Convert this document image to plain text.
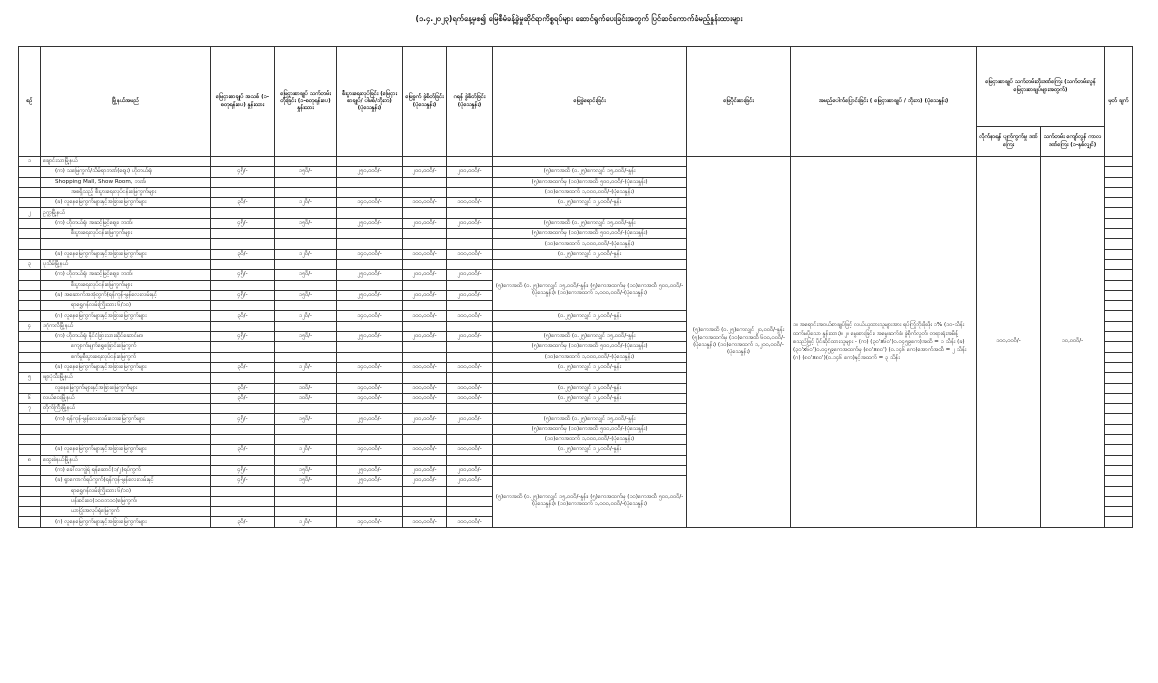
(၁.၄.၂၀၂၃)ရက်နေ့မှစ၍ မြေစီမံခန့်ခွဲမှုဆိုင်ရာကိစ္စရပ်များ ဆောင်ရွက်ပေးခြင်းအတွက် ပြင်ဆင်ကောက်ခံမည့်နှုန်းထားများ
စဉ်	မြို့နယ်အမည်	မြေငှားစာချုပ် အသစ် (၁-စတုရန်းပေ) နှုန်းထား	မြေငှားစာချုပ် သက်တမ်း တိုးခြင်း (၁-စတုရန်းပေ) နှုန်းထား	စီးပွားရေးလုပ်ခြင်း (မြေငှားစာချုပ်/ ပါမစ်/ဘိုးဘ) (ပုံသေနှုန်း)	မြေခွက် ခွဲစိတ်ခြင်း (ပုံသေနှုန်း)	ဂရန် ခွဲစိတ်ခြင်း (ပုံသေနှုန်း)	မြေခွဲရောင်းခြင်း	မြေပိုင်းစားခြင်း	အမည်ပေါက်ပြောင်းခြင်း ( မြေငှားစာချုပ် / ဘိုးဘ) (ပုံသေနှုန်း)	မြေငှားစာချုပ် သက်တမ်းတိုးဒဏ်ကြေး (သက်တမ်းလွန် မြေငှားစာချုပ်များအတွက်)		မှတ် ချက်
										လိုက်နာရန် ပျက်ကွက်မှု ဒဏ်ကြေး	သက်တမ်း ကျော်လွန် ကာလဒဏ်ကြေး (၁-နှစ်လျှင်)	
၁	ချောင်းသာမြို့နယ်							(၅)ကေအထိ (၀.၂၅)ကေလျှင် ၂၀,ဝဝဝိ/-နှုန်း (၅)ကေအထက်မှ (၁ဝ)ကေအထိ ၆ဝဝ,ဝဝဝိ/-(ပုံသေနှုန်း) (၁ဝ)ကေအထက် ၁,၂ဝဝ,ဝဝဝိ/-(ပုံသေနှုန်း)	၁။ အရောင်းအဝယ်စာချုပ်ဖြင့် လယ်ယူထားသူများအား ရပ်ကြုံဘိုးဖိုးဖိုး ၁% (၁၀-သိန်းထက်မပိုသော နှုန်းထား)။ ၂။ မွေးစားခြင်း၊ အမွေဆက်ခံ၊ ခွဲစိုက်လှုတ်၊ တရားရုံးအမိန့် စသည်ဖြင့် ပိုင်ဆိုင်ထားသူများ - (က) (၃၀'x၆၀')၀.၀၄၅၉ကေ)အထိ = ၁ သိန်း (ခ) (၃၀'x၆၀')၀.၀၄၅၉ကေအထက်မှ (၈၀'x၈၀') (၀.၁၄၆ ကေ)အောက်အထိ = ၂ သိန်း (ဂ) (၈၀'x၈၀')(၀.၁၄၆ ကေ)နှင့်အထက် = ၃ သိန်း	၁၀၀,၀၀၀ိ/-	၁၀,၀၀၀ိ/-	
	(က) သမြေကွက်/သိမ်ရာဘဏ်(ဈေး) ဟိုတယ်ရုံ၊	၄၅ိ/-	၁၅ဝိ/-	၂၅ဝ,ဝဝဝိ/-	၂ဝဝ,ဝဝဝိ/-	၂ဝဝ,ဝဝဝိ/-	(၅)ကေအထိ (၀.၂၅)ကေလျှင် ၁၅,ဝဝဝိ/-နှုန်း					
	Shopping Mall, Show Room, ဘဏ်၊						(၅)ကေအထက်မှ (၁ဝ)ကေအထိ ၅ဝဝ,ဝဝဝိ/-(ပုံသေနှုန်း)					
	အစရှိသည့် စီးပွားရေးလုပ်ငန်းမြေကွက်များ						(၁ဝ)ကေအထက် ၁,ဝဝဝ,ဝဝဝိ/-(ပုံသေနှုန်း)					
	(ခ) လူနေမြေကွက်များနှင့်အခြားမြေကွက်များ	၃ဝိ/-	၁၂ဝိ/-	၁၄ဝ,ဝဝဝိ/-	၁ဝဝ,ဝဝဝိ/-	၁ဝဝ,ဝဝဝိ/-	(၀.၂၅)ကေလျှင် ၁၂,ဝဝဝိ/-နှုန်း					
၂	ဥက္ကမြို့နယ်											
	(က) ဟိုတယ်ရုံ၊ အဆင့်မြင့်ဈေး၊ ဘဏ်၊	၄၅ိ/-	၁၅ဝိ/-	၂၅ဝ,ဝဝဝိ/-	၂ဝဝ,ဝဝဝိ/-	၂ဝဝ,ဝဝဝိ/-	(၅)ကေအထိ (၀.၂၅)ကေလျှင် ၁၅,ဝဝဝိ/-နှုန်း					
	စီးပွားရေးလုပ်ငန်းမြေကွက်များ						(၅)ကေအထက်မှ (၁ဝ)ကေအထိ ၅ဝဝ,ဝဝဝိ/-(ပုံသေနှုန်း)					
							(၁ဝ)ကေအထက် ၁,ဝဝဝ,ဝဝဝိ/-(ပုံသေနှုန်း)					
	(ခ) လူနေမြေကွက်များနှင့်အခြားမြေကွက်များ	၃ဝိ/-	၁၂ဝိ/-	၁၄ဝ,ဝဝဝိ/-	၁ဝဝ,ဝဝဝိ/-	၁ဝဝ,ဝဝဝိ/-	(၀.၂၅)ကေလျှင် ၁၂,ဝဝဝိ/-နှုန်း					
၃	ပုသိမ်မြို့နယ်											
	(က) ဟိုတယ်ရုံ၊ အဆင့်မြင့်ဈေး၊ ဘဏ်၊	၄၅ိ/-	၁၅ဝိ/-	၂၅ဝ,ဝဝဝိ/-	၂ဝဝ,ဝဝဝိ/-	၂ဝဝ,ဝဝဝိ/-	(၅)ကေအထိ (၀.၂၅)ကေလျှင် ၁၅,ဝဝဝိ/-နှုန်း၊ (၅)ကေအထက်မှ (၁ဝ)ကေအထိ ၅ဝဝ,ဝဝဝိ/-(ပုံသေနှုန်း)၊ (၁ဝ)ကေအထက် ၁,ဝဝဝ,ဝဝဝိ/-(ပုံသေနှုန်း)					
	စီးပွားရေးလုပ်ငန်းမြေကွက်များ											
	(ခ) အဆောက်အအုံတွက်(ရန်ကုန်-မွန်လေးလမ်းနှင့်	၄၅ိ/-	၁၅ဝိ/-	၂၅ဝ,ဝဝဝိ/-	၂ဝဝ,ဝဝဝိ/-	၂ဝဝ,ဝဝဝိ/-						
	ရာရွှေဂန်လမ်းကြိုးထား ၆/၁၀)											
	(ဂ) လူနေမြေကွက်များနှင့်အခြားမြေကွက်များ	၃ဝိ/-	၁၂ဝိ/-	၁၄ဝ,ဝဝဝိ/-	၁ဝဝ,ဝဝဝိ/-	၁ဝဝ,ဝဝဝိ/-	(၀.၂၅)ကေလျှင် ၁၂,ဝဝဝိ/-နှုန်း					
၄	ဒဂုံကလိမြို့နယ်											
	(က) ဟိုတယ်ရုံ၊ နိုင်ငံခြားသားဆိုင်ဆောင်မာ၊	၄၅ိ/-	၁၅ဝိ/-	၂၅ဝ,ဝဝဝိ/-	၂ဝဝ,ဝဝဝိ/-	၂ဝဝ,ဝဝဝိ/-	(၅)ကေအထိ (၀.၂၅)ကေလျှင် ၁၅,ဝဝဝိ/-နှုန်း					
	ကျောက်မျက်ရွှေခြောင်းမြေကွက်						(၅)ကေအထက်မှ (၁ဝ)ကေအထိ ၅ဝဝ,ဝဝဝိ/-(ပုံသေနှုန်း)					
	စက်မှုစီးပွားရေးလုပ်ငန်းမြေကွက်						(၁ဝ)ကေအထက် ၁,ဝဝဝ,ဝဝဝိ/-(ပုံသေနှုန်း)					
	(ခ) လူနေမြေကွက်များနှင့်အခြားမြေကွက်များ	၃ဝိ/-	၁၂ဝိ/-	၁၄ဝ,ဝဝဝိ/-	၁ဝဝ,ဝဝဝိ/-	၁ဝဝ,ဝဝဝိ/-	(၀.၂၅)ကေလျှင် ၁၂,ဝဝဝိ/-နှုန်း					
၅	ဖျာပုံသီးမြို့နယ်											
	လူနေမြေကွက်များနှင့်အခြားမြေကွက်များ	၃ဝိ/-	၁ဝဝိ/-	၁၄ဝ,ဝဝဝိ/-	၁ဝဝ,ဝဝဝိ/-	၁ဝဝ,ဝဝဝိ/-	(၀.၂၅)ကေလျှင် ၁၂,ဝဝဝိ/-နှုန်း					
၆	လယ်ဝေးမြို့နယ်	၃ဝိ/-	၁ဝဝိ/-	၁၄ဝ,ဝဝဝိ/-	၁ဝဝ,ဝဝဝိ/-	၁ဝဝ,ဝဝဝိ/-	(၀.၂၅)ကေလျှင် ၁၂,ဝဝဝိ/-နှုန်း					
၇	တိုက်ကြီးမြို့နယ်											
	(က) ရန်ကုန်-မွန်လေးလမ်းဘေးမြေကွက်များ	၄၅ိ/-	၁၅ဝိ/-	၂၅ဝ,ဝဝဝိ/-	၂ဝဝ,ဝဝဝိ/-	၂ဝဝ,ဝဝဝိ/-	(၅)ကေအထိ (၀.၂၅)ကေလျှင် ၁၅,ဝဝဝိ/-နှုန်း					
							(၅)ကေအထက်မှ (၁ဝ)ကေအထိ ၅ဝဝ,ဝဝဝိ/-(ပုံသေနှုန်း)					
							(၁ဝ)ကေအထက် ၁,ဝဝဝ,ဝဝဝိ/-(ပုံသေနှုန်း)					
	(ခ) လူနေမြေကွက်များနှင့်အခြားမြေကွက်များ	၃ဝိ/-	၁၂ဝိ/-	၁၄ဝ,ဝဝဝိ/-	၁ဝဝ,ဝဝဝိ/-	၁ဝဝ,ဝဝဝိ/-	(၀.၂၅)ကေလျှင် ၁၂,ဝဝဝိ/-နှုန်း					
၈	ထွေးခဲနယ်မြို့နယ်											
	(က) ခေါ်လကျွဲရဲ ရန်ဆောင်(၁/၂)ရပ်ကွက်	၄၅ိ/-	၁၅ဝိ/-	၂၅ဝ,ဝဝဝိ/-	၂ဝဝ,ဝဝဝိ/-	၂ဝဝ,ဝဝဝိ/-						
	(ခ) ရွာကောက်ရပ်ကွက်(ရန်ကုန်-မွန်လေးလမ်းနှင့်	၄၅ိ/-	၁၅ဝိ/-	၂၅ဝ,ဝဝဝိ/-	၂ဝဝ,ဝဝဝိ/-	၂ဝဝ,ဝဝဝိ/-	(၅)ကေအထိ (၀.၂၅)ကေလျှင် ၁၅,ဝဝဝိ/-နှုန်း၊ (၅)ကေအထက်မှ (၁ဝ)ကေအထိ ၅ဝဝ,ဝဝဝိ/-(ပုံသေနှုန်း)၊ (၁ဝ)ကေအထက် ၁,ဝဝဝ,ဝဝဝိ/-(ပုံသေနှုန်း)					
	ရာရွှေဂန်လမ်းကြိုးထား ၆/၁၀)											
	ပန်းစင်းဝေ(၁၀၀ဘ၁၀)မြေကွက်၊											
	ယာပြုံးအလုပ်ရုံမြေကွက်											
	(ဂ) လူနေမြေကွက်များနှင့်အခြားမြေကွက်များ	၃ဝိ/-	၁၂ဝိ/-	၁၄ဝ,ဝဝဝိ/-	၁ဝဝ,ဝဝဝိ/-	၁ဝဝ,ဝဝဝိ/-						
